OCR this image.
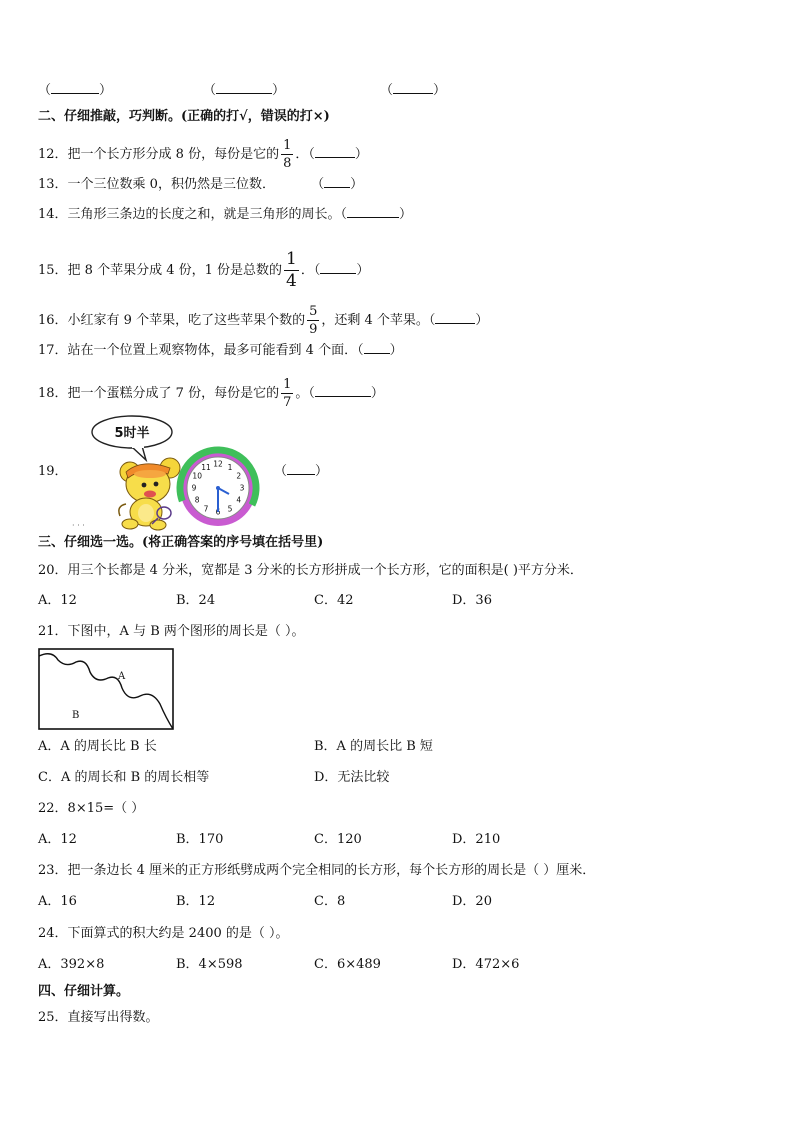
（	）	（	）	（	）
二、仔细推敲，巧判断。(正确的打√，错误的打×)
12．把一个长方形分成 8 份，每份是它的 $\frac{1}{8}$ ．（	）
13．一个三位数乘 0，积仍然是三位数．	（ ）
14．三角形三条边的长度之和，就是三角形的周长。（	）
15．把 8 个苹果分成 4 份，1 份是总数的 $\frac{1}{4}$ ．（	）
16．小红家有 9 个苹果，吃了这些苹果个数的 $\frac{5}{9}$ ，还剩 4 个苹果。（	）
17．站在一个位置上观察物体，最多可能看到 4 个面．（ ）
18．把一个蛋糕分成了 7 份，每份是它的 $\frac{1}{7}$ 。（	）
19．
5时半
12 1
2
3
4
5
6
7
8
9
10
11
· · ·
（ ）
三、仔细选一选。(将正确答案的序号填在括号里)
20．用三个长都是 4 分米，宽都是 3 分米的长方形拼成一个长方形，它的面积是( )平方分米．
A．12	B．24	C．42	D．36
21．下图中，A 与 B 两个图形的周长是（ ）。
A
B
A．A 的周长比 B 长	B．A 的周长比 B 短
C．A 的周长和 B 的周长相等	D．无法比较
22．8×15=（ ）
A．12	B．170	C．120	D．210
23．把一条边长 4 厘米的正方形纸劈成两个完全相同的长方形，每个长方形的周长是（ ）厘米．
A．16	B．12	C．8	D．20
24．下面算式的积大约是 2400 的是（ ）。
A．392×8	B．4×598	C．6×489	D．472×6
四、仔细计算。
25．直接写出得数。
